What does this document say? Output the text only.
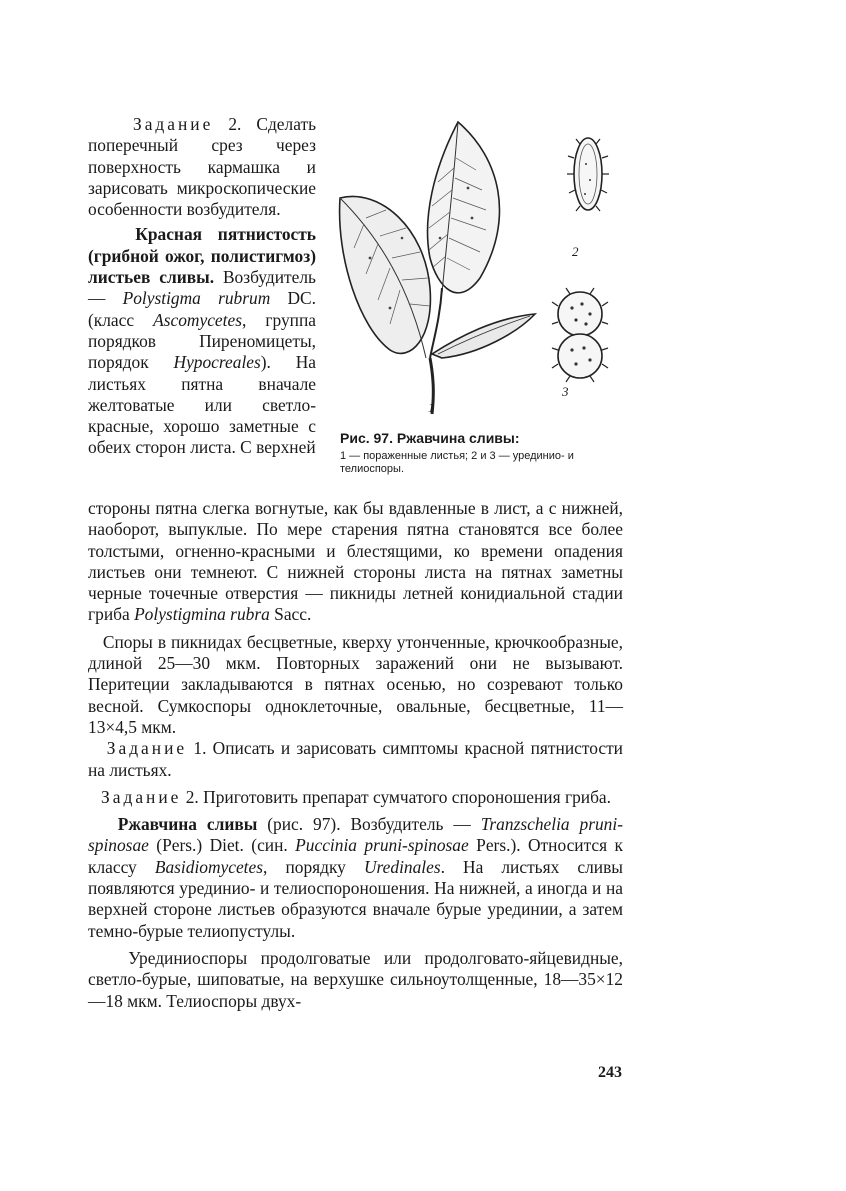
Задание 2. Сделать поперечный срез через поверхность кармашка и зарисовать микроскопические особенности возбудителя.

Красная пятнистость (грибной ожог, полистигмоз) листьев сливы. Возбудитель — Polystigma rubrum DC. (класс Ascomycetes, группа порядков Пиреномицеты, порядок Hypocreales). На листьях пятна вначале желтоватые или светло-красные, хорошо заметные с обеих сторон листа. С верхней

2
3
1

Рис. 97. Ржавчина сливы:

1 — пораженные листья; 2 и 3 — урединио- и телиоспоры.

стороны пятна слегка вогнутые, как бы вдавленные в лист, а с нижней, наоборот, выпуклые. По мере старения пятна становятся все более толстыми, огненно-красными и блестящими, ко времени опадения листьев они темнеют. С нижней стороны листа на пятнах заметны черные точечные отверстия — пикниды летней конидиальной стадии гриба Polystigmina rubra Sacc.

Споры в пикнидах бесцветные, кверху утонченные, крючкообразные, длиной 25—30 мкм. Повторных заражений они не вызывают. Перитеции закладываются в пятнах осенью, но созревают только весной. Сумкоспоры одноклеточные, овальные, бесцветные, 11—13×4,5 мкм.

Задание 1. Описать и зарисовать симптомы красной пятнистости на листьях.

Задание 2. Приготовить препарат сумчатого спороношения гриба.

Ржавчина сливы (рис. 97). Возбудитель — Tranzschelia pruni-spinosae (Pers.) Diet. (син. Puccinia pruni-spinosae Pers.). Относится к классу Basidiomycetes, порядку Uredinales. На листьях сливы появляются урединио- и телиоспороношения. На нижней, а иногда и на верхней стороне листьев образуются вначале бурые урединии, а затем темно-бурые телиопустулы.

Урединиоспоры продолговатые или продолговато-яйцевидные, светло-бурые, шиповатые, на верхушке сильноутолщенные, 18—35×12—18 мкм. Телиоспоры двух-

243
